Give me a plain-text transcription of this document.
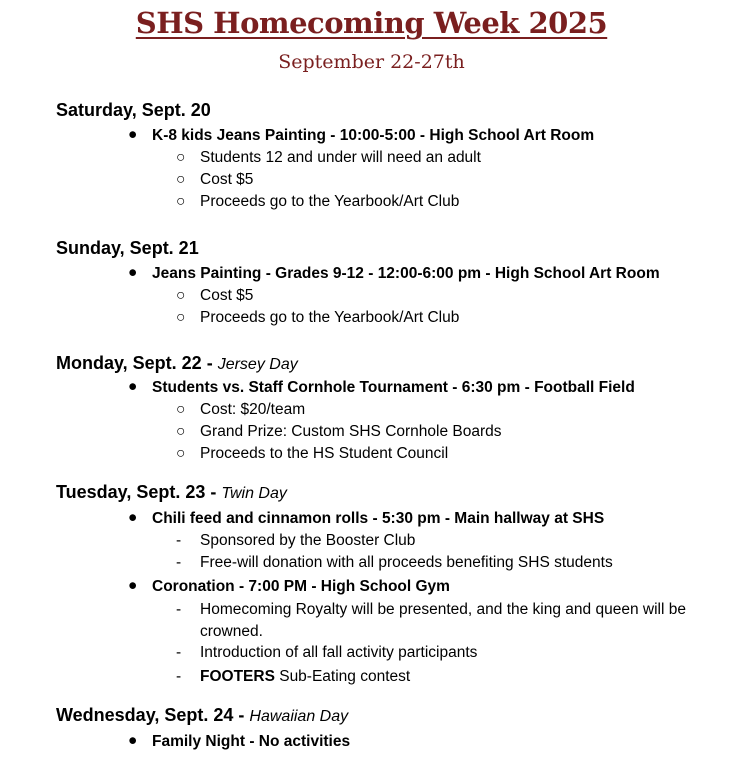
SHS Homecoming Week 2025
September 22-27th
Saturday, Sept. 20
● K-8 kids Jeans Painting - 10:00-5:00 - High School Art Room
○ Students 12 and under will need an adult
○ Cost $5
○ Proceeds go to the Yearbook/Art Club
Sunday, Sept. 21
● Jeans Painting - Grades 9-12 - 12:00-6:00 pm - High School Art Room
○ Cost $5
○ Proceeds go to the Yearbook/Art Club
Monday, Sept. 22 - Jersey Day
● Students vs. Staff Cornhole Tournament - 6:30 pm - Football Field
○ Cost: $20/team
○ Grand Prize: Custom SHS Cornhole Boards
○ Proceeds to the HS Student Council
Tuesday, Sept. 23 - Twin Day
● Chili feed and cinnamon rolls - 5:30 pm - Main hallway at SHS
- Sponsored by the Booster Club
- Free-will donation with all proceeds benefiting SHS students
● Coronation - 7:00 PM - High School Gym
- Homecoming Royalty will be presented, and the king and queen will be crowned.
- Introduction of all fall activity participants
- FOOTERS Sub-Eating contest
Wednesday, Sept. 24 - Hawaiian Day
● Family Night - No activities
